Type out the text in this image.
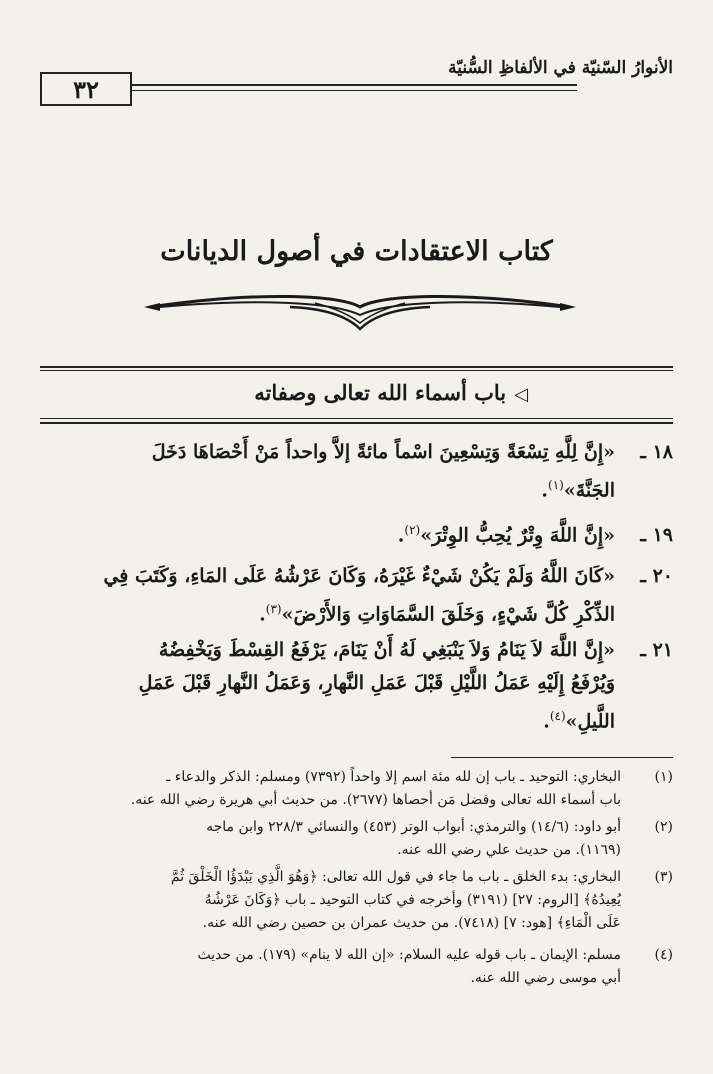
الأنوارُ السّنيّة في الألفاظِ السُّنيّة
٣٢
كتاب الاعتقادات في أصول الديانات
◁باب أسماء الله تعالى وصفاته
١٨ ـ«إِنَّ لِلَّهِ تِسْعَةً وَتِسْعِينَ اسْماً مائةً إلاَّ واحداً مَنْ أَحْصَاهَا دَخَلَ
الجَنَّةَ»$^{(١)}$.
١٩ ـ«إِنَّ اللَّهَ وِتْرٌ يُحِبُّ الوِتْرَ»$^{(٢)}$.
٢٠ ـ«كَانَ اللَّهُ وَلَمْ يَكُنْ شَيْءٌ غَيْرَهُ، وَكَانَ عَرْشُهُ عَلَى المَاءِ، وَكَتَبَ فِي
الذِّكْرِ كُلَّ شَيْءٍ، وَخَلَقَ السَّمَاوَاتِ وَالأَرْضَ»$^{(٣)}$.
٢١ ـ«إِنَّ اللَّهَ لاَ يَنَامُ وَلاَ يَنْبَغِي لَهُ أَنْ يَنَامَ، يَرْفَعُ القِسْطَ وَيَخْفِضُهُ
وَيُرْفَعُ إِلَيْهِ عَمَلُ اللَّيْلِ قَبْلَ عَمَلِ النَّهارِ، وَعَمَلُ النَّهارِ قَبْلَ عَمَلِ
اللَّيلِ»$^{(٤)}$.
(١)البخاري: التوحيد ـ باب إن لله مئة اسم إلا واحداً (٧٣٩٢) ومسلم: الذكر والدعاء ـ
باب أسماء الله تعالى وفضل مَن أحصاها (٢٦٧٧). من حديث أبي هريرة رضي الله عنه.
(٢)أبو داود: (١٤/٦) والترمذي: أبواب الوتر (٤٥٣) والنسائي ٢٢٨/٣ وابن ماجه
(١١٦٩). من حديث علي رضي الله عنه.
(٣)البخاري: بدء الخلق ـ باب ما جاء في قول الله تعالى: ﴿وَهُوَ الَّذِي يَبْدَؤُا الْخَلْقَ ثُمَّ
يُعِيدُهُ﴾ [الروم: ٢٧] (٣١٩١) وأخرجه في كتاب التوحيد ـ باب ﴿وَكَانَ عَرْشُهُ
عَلَى الْمَاءِ﴾ [هود: ٧] (٧٤١٨). من حديث عمران بن حصين رضي الله عنه.
(٤)مسلم: الإيمان ـ باب قوله عليه السلام: «إن الله لا ينام» (١٧٩). من حديث
أبي موسى رضي الله عنه.
